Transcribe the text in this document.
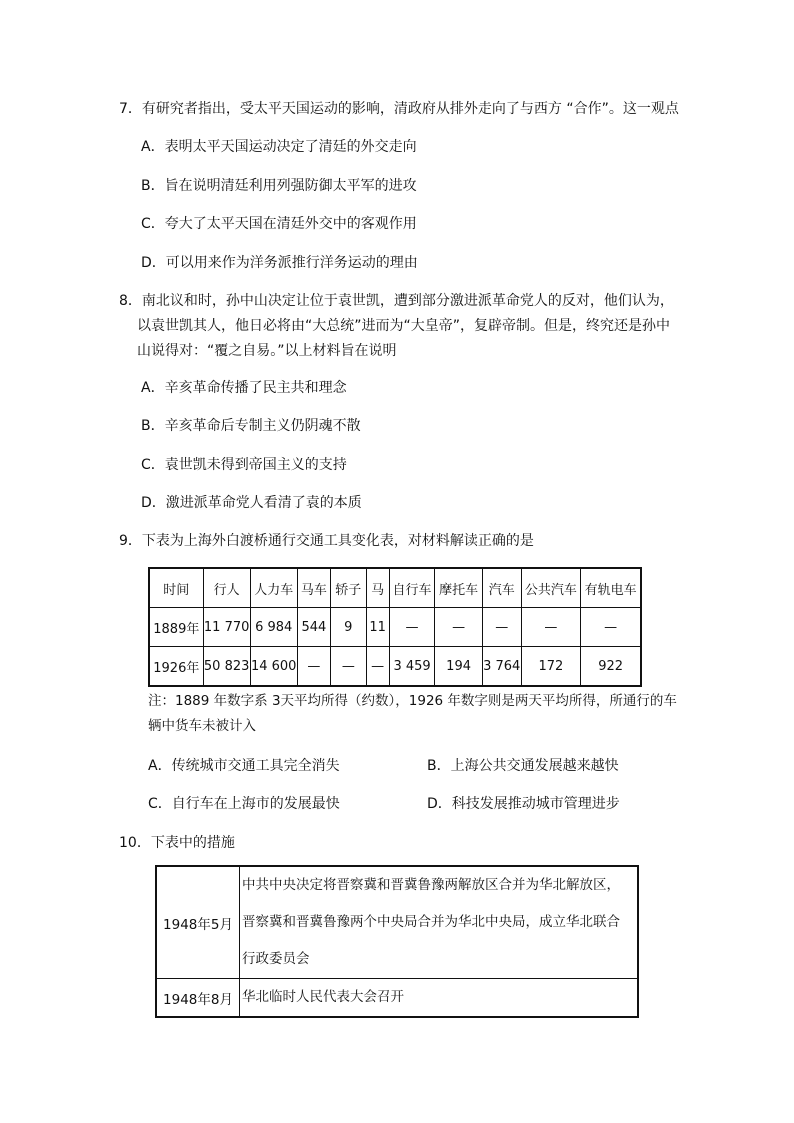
7．有研究者指出，受太平天国运动的影响，清政府从排外走向了与西方 “合作”。这一观点
A．表明太平天国运动决定了清廷的外交走向
B．旨在说明清廷利用列强防御太平军的进攻
C．夸大了太平天国在清廷外交中的客观作用
D．可以用来作为洋务派推行洋务运动的理由
8．南北议和时，孙中山决定让位于袁世凯，遭到部分激进派革命党人的反对，他们认为，
以袁世凯其人，他日必将由“大总统”进而为“大皇帝”，复辟帝制。但是，终究还是孙中
山说得对：“覆之自易。”以上材料旨在说明
A．辛亥革命传播了民主共和理念
B．辛亥革命后专制主义仍阴魂不散
C．袁世凯未得到帝国主义的支持
D．激进派革命党人看清了袁的本质
9．下表为上海外白渡桥通行交通工具变化表，对材料解读正确的是
时间	行人	人力车	马车	轿子	马	自行车	摩托车	汽车	公共汽车	有轨电车
1889年	11 770	6 984	544	9	11	—	—	—	—	—
1926年	50 823	14 600	—	—	—	3 459	194	3 764	172	922
注：1889 年数字系 3天平均所得（约数），1926 年数字则是两天平均所得，所通行的车
辆中货车未被计入
A．传统城市交通工具完全消失	B．上海公共交通发展越来越快
C．自行车在上海市的发展最快	D．科技发展推动城市管理进步
10．下表中的措施
1948年5月	中共中央决定将晋察冀和晋冀鲁豫两解放区合并为华北解放区，
晋察冀和晋冀鲁豫两个中央局合并为华北中央局，成立华北联合
行政委员会

1948年8月	华北临时人民代表大会召开
